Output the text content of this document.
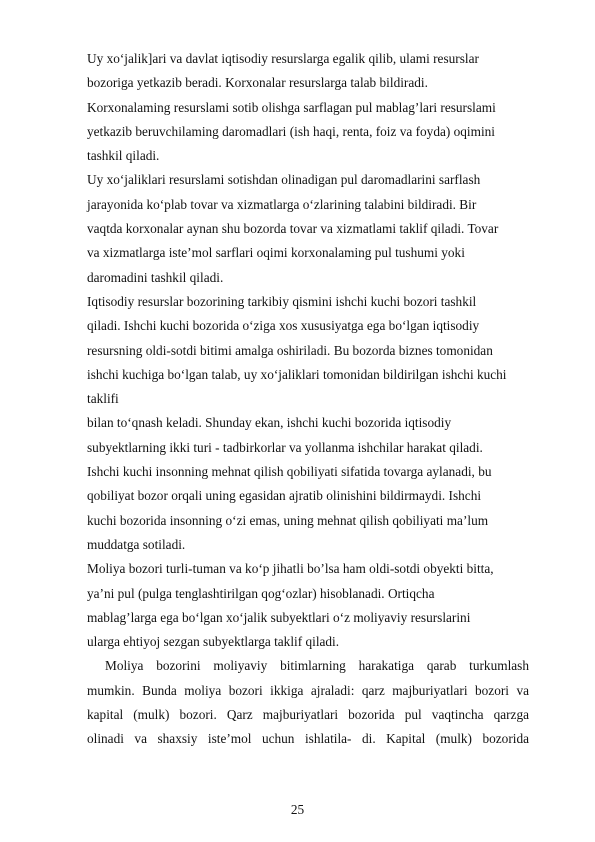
Uy xo‘jalik]ari va davlat iqtisodiy resurslarga egalik qilib, ulami resurslar
bozoriga yetkazib beradi. Korxonalar resurslarga talab bildiradi.
Korxonalaming resurslami sotib olishga sarflagan pul mablag’lari resurslami
yetkazib beruvchilaming daromadlari (ish haqi, renta, foiz va foyda) oqimini
tashkil qiladi.

Uy xo‘jaliklari resurslami sotishdan olinadigan pul daromadlarini sarflash
jarayonida ko‘plab tovar va xizmatlarga o‘zlarining talabini bildiradi. Bir
vaqtda korxonalar aynan shu bozorda tovar va xizmatlami taklif qiladi. Tovar
va xizmatlarga iste’mol sarflari oqimi korxonalaming pul tushumi yoki
daromadini tashkil qiladi.

Iqtisodiy resurslar bozorining tarkibiy qismini ishchi kuchi bozori tashkil
qiladi. Ishchi kuchi bozorida o‘ziga xos xususiyatga ega bo‘lgan iqtisodiy
resursning oldi-sotdi bitimi amalga oshiriladi. Bu bozorda biznes tomonidan
ishchi kuchiga bo‘lgan talab, uy xo‘jaliklari tomonidan bildirilgan ishchi kuchi
taklifi

bilan to‘qnash keladi. Shunday ekan, ishchi kuchi bozorida iqtisodiy
subyektlarning ikki turi - tadbirkorlar va yollanma ishchilar harakat qiladi.
Ishchi kuchi insonning mehnat qilish qobiliyati sifatida tovarga aylanadi, bu
qobiliyat bozor orqali uning egasidan ajratib olinishini bildirmaydi. Ishchi
kuchi bozorida insonning o‘zi emas, uning mehnat qilish qobiliyati ma’lum
muddatga sotiladi.

Moliya bozori turli-tuman va ko‘p jihatli bo’lsa ham oldi-sotdi obyekti bitta,
ya’ni pul (pulga tenglashtirilgan qog‘ozlar) hisoblanadi. Ortiqcha
mablag’larga ega bo‘lgan xo‘jalik subyektlari o‘z moliyaviy resurslarini
ularga ehtiyoj sezgan subyektlarga taklif qiladi.

Moliya bozorini moliyaviy bitimlarning harakatiga qarab turkumlash
mumkin. Bunda moliya bozori ikkiga ajraladi: qarz majburiyatlari bozori va
kapital (mulk) bozori. Qarz majburiyatlari bozorida pul vaqtincha qarzga
olinadi va shaxsiy iste’mol uchun ishlatila- di. Kapital (mulk) bozorida

25
